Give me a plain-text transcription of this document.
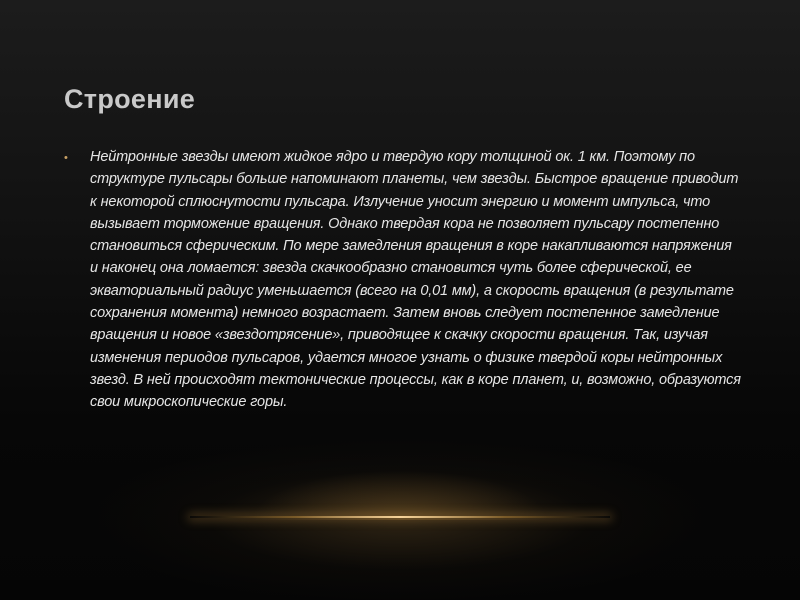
Строение
•	Нейтронные звезды имеют жидкое ядро и твердую кору толщиной ок. 1 км. Поэтому по структуре пульсары больше напоминают планеты, чем звезды. Быстрое вращение приводит к некоторой сплюснутости пульсара. Излучение уносит энергию и момент импульса, что вызывает торможение вращения. Однако твердая кора не позволяет пульсару постепенно становиться сферическим. По мере замедления вращения в коре накапливаются напряжения и наконец она ломается: звезда скачкообразно становится чуть более сферической, ее экваториальный радиус уменьшается (всего на 0,01 мм), а скорость вращения (в результате сохранения момента) немного возрастает. Затем вновь следует постепенное замедление вращения и новое «звездотрясение», приводящее к скачку скорости вращения. Так, изучая изменения периодов пульсаров, удается многое узнать о физике твердой коры нейтронных звезд. В ней происходят тектонические процессы, как в коре планет, и, возможно, образуются свои микроскопические горы.
